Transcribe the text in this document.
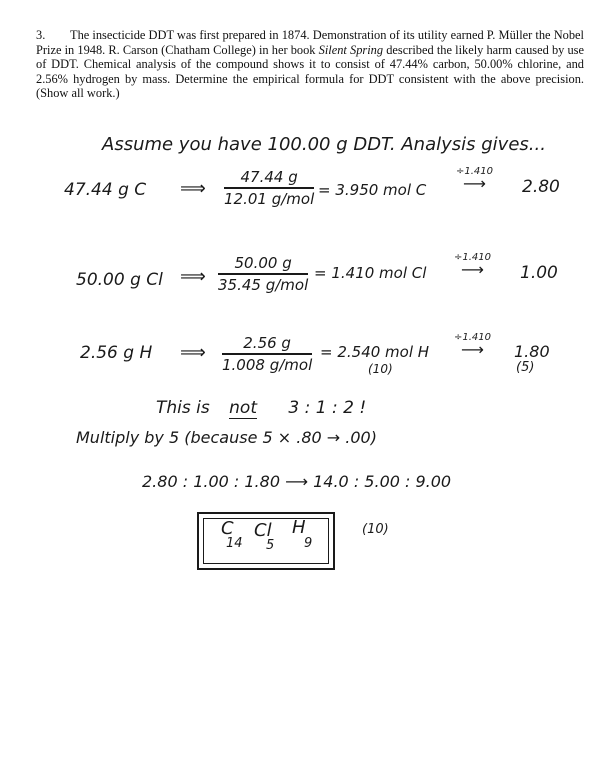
3. The insecticide DDT was first prepared in 1874. Demonstration of its utility earned P. Müller the Nobel Prize in 1948. R. Carson (Chatham College) in her book Silent Spring described the likely harm caused by use of DDT. Chemical analysis of the compound shows it to consist of 47.44% carbon, 50.00% chlorine, and 2.56% hydrogen by mass. Determine the empirical formula for DDT consistent with the above precision. (Show all work.)
Assume you have 100.00 g DDT. Analysis gives...
47.44 g C ⟹
47.44 g
12.01 g/mol = 3.950 mol C
÷1.410
⟶ 2.80
50.00 g Cl ⟹
50.00 g
35.45 g/mol
= 1.410 mol Cl
÷1.410
⟶ 1.00
2.56 g H ⟹ 2.56 g
1.008 g/mol
= 2.540 mol H
(10)
÷1.410
⟶ 1.80
(5)
This is not 3 : 1 : 2 !
Multiply by 5 (because 5 × .80 → .00)
2.80 : 1.00 : 1.80 ⟶ 14.0 : 5.00 : 9.00
C
14
Cl
5
H
9
(10)
